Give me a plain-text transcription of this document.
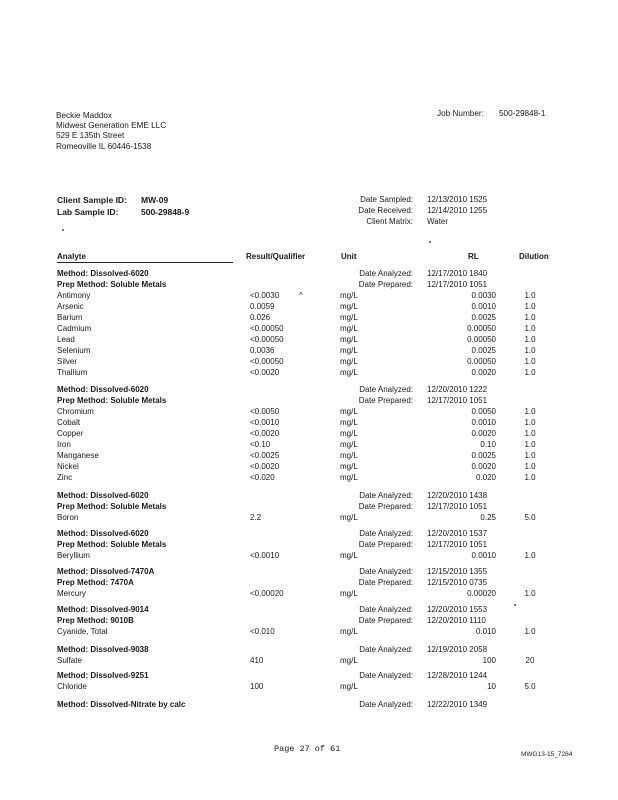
Beckie Maddox
Midwest Generation EME LLC
529 E 135th Street
Romeoville IL 60446-1538
Job Number: 500-29848-1
Client Sample ID: MW-09
Lab Sample ID:	500-29848-9
Date Sampled: 12/13/2010 1525
Date Received: 12/14/2010 1255
Client Matrix: Water
Analyte	Result/Qualifier	Unit	RL	Dilution
Method: Dissolved-6020	Date Analyzed: 12/17/2010 1840
Prep Method: Soluble Metals	Date Prepared: 12/17/2010 1051
Antimony	<0.0030 ^	mg/L	0.0030	1.0
Arsenic	0.0059	mg/L	0.0010	1.0
Barium	0.026	mg/L	0.0025	1.0
Cadmium	<0.00050	mg/L	0.00050	1.0
Lead	<0.00050	mg/L	0.00050	1.0
Selenium	0.0036	mg/L	0.0025	1.0
Silver	<0.00050	mg/L	0.00050	1.0
Thallium	<0.0020	mg/L	0.0020	1.0
Method: Dissolved-6020	Date Analyzed: 12/20/2010 1222
Prep Method: Soluble Metals	Date Prepared: 12/17/2010 1051
Chromium	<0.0050	mg/L	0.0050	1.0
Cobalt	<0.0010	mg/L	0.0010	1.0
Copper	<0.0020	mg/L	0.0020	1.0
Iron	<0.10	mg/L	0.10	1.0
Manganese	<0.0025	mg/L	0.0025	1.0
Nickel	<0.0020	mg/L	0.0020	1.0
Zinc	<0.020	mg/L	0.020	1.0
Method: Dissolved-6020	Date Analyzed: 12/20/2010 1438
Prep Method: Soluble Metals	Date Prepared: 12/17/2010 1051
Boron	2.2	mg/L	0.25	5.0
Method: Dissolved-6020	Date Analyzed: 12/20/2010 1537
Prep Method: Soluble Metals	Date Prepared: 12/17/2010 1051
Beryllium	<0.0010	mg/L	0.0010	1.0
Method: Dissolved-7470A	Date Analyzed: 12/15/2010 1355
Prep Method: 7470A	Date Prepared: 12/15/2010 0735
Mercury	<0.00020	mg/L	0.00020	1.0
Method: Dissolved-9014	Date Analyzed: 12/20/2010 1553
Prep Method: 9010B	Date Prepared: 12/20/2010 1110
Cyanide, Total	<0.010	mg/L	0.010	1.0
Method: Dissolved-9038	Date Analyzed: 12/19/2010 2058
Sulfate	410	mg/L	100	20
Method: Dissolved-9251	Date Analyzed: 12/28/2010 1244
Chloride	100	mg/L	10	5.0
Method: Dissolved-Nitrate by calc	Date Analyzed: 12/22/2010 1349
Page 27 of 61
MWG13-15_7284
